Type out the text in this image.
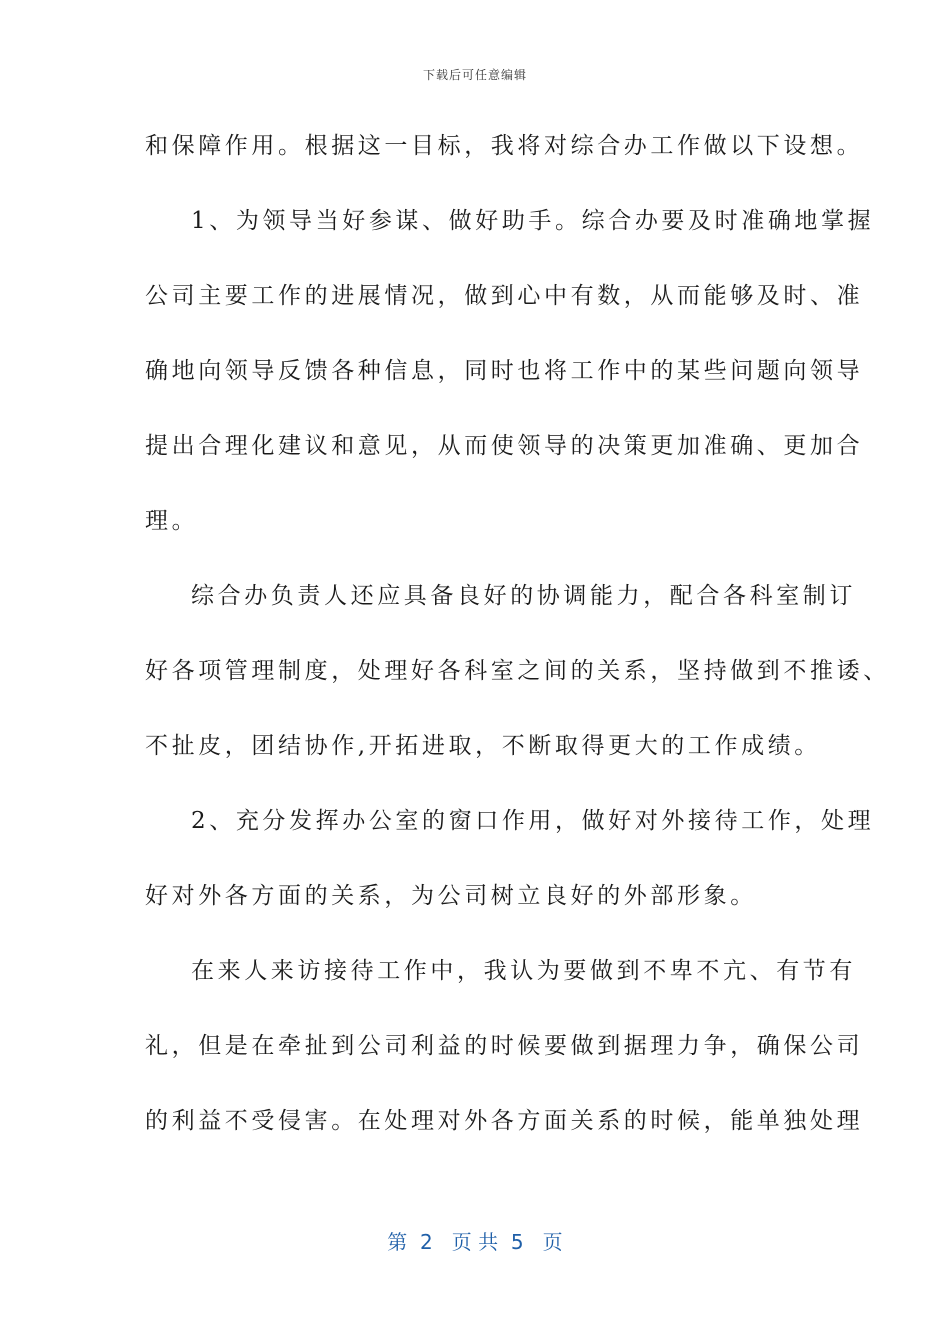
下载后可任意编辑
和保障作用。根据这一目标，我将对综合办工作做以下设想。
1、为领导当好参谋、做好助手。综合办要及时准确地掌握
公司主要工作的进展情况，做到心中有数，从而能够及时、准
确地向领导反馈各种信息，同时也将工作中的某些问题向领导
提出合理化建议和意见，从而使领导的决策更加准确、更加合
理。
综合办负责人还应具备良好的协调能力，配合各科室制订
好各项管理制度，处理好各科室之间的关系，坚持做到不推诿、
不扯皮，团结协作,开拓进取，不断取得更大的工作成绩。
2、充分发挥办公室的窗口作用，做好对外接待工作，处理
好对外各方面的关系，为公司树立良好的外部形象。
在来人来访接待工作中，我认为要做到不卑不亢、有节有
礼，但是在牵扯到公司利益的时候要做到据理力争，确保公司
的利益不受侵害。在处理对外各方面关系的时候，能单独处理
第  2   页 共  5   页
